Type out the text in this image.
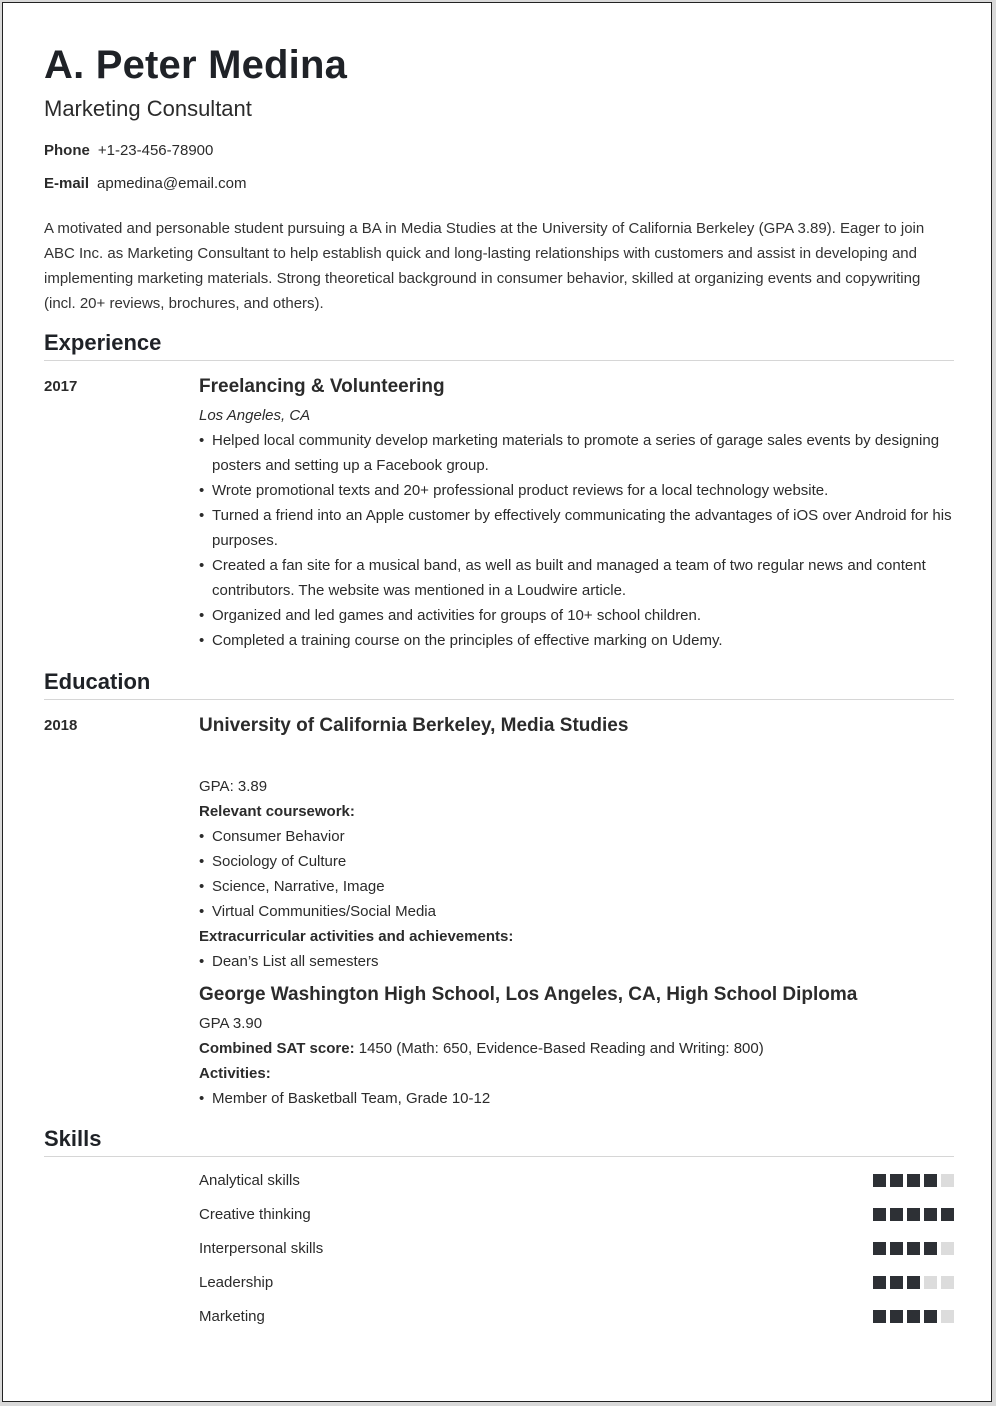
A. Peter Medina
Marketing Consultant
Phone +1-23-456-78900
E-mail apmedina@email.com
A motivated and personable student pursuing a BA in Media Studies at the University of California Berkeley (GPA 3.89). Eager to join ABC Inc. as Marketing Consultant to help establish quick and long-lasting relationships with customers and assist in developing and implementing marketing materials. Strong theoretical background in consumer behavior, skilled at organizing events and copywriting (incl. 20+ reviews, brochures, and others).
Experience
2017	Freelancing & Volunteering
Los Angeles, CA
• Helped local community develop marketing materials to promote a series of garage sales events by designing posters and setting up a Facebook group.
• Wrote promotional texts and 20+ professional product reviews for a local technology website.
• Turned a friend into an Apple customer by effectively communicating the advantages of iOS over Android for his purposes.
• Created a fan site for a musical band, as well as built and managed a team of two regular news and content contributors. The website was mentioned in a Loudwire article.
• Organized and led games and activities for groups of 10+ school children.
• Completed a training course on the principles of effective marking on Udemy.
Education
2018	University of California Berkeley, Media Studies
GPA: 3.89
Relevant coursework:
• Consumer Behavior
• Sociology of Culture
• Science, Narrative, Image
• Virtual Communities/Social Media
Extracurricular activities and achievements:
• Dean’s List all semesters
George Washington High School, Los Angeles, CA, High School Diploma
GPA 3.90
Combined SAT score: 1450 (Math: 650, Evidence-Based Reading and Writing: 800)
Activities:
• Member of Basketball Team, Grade 10-12
Skills
Analytical skills
Creative thinking
Interpersonal skills
Leadership
Marketing
